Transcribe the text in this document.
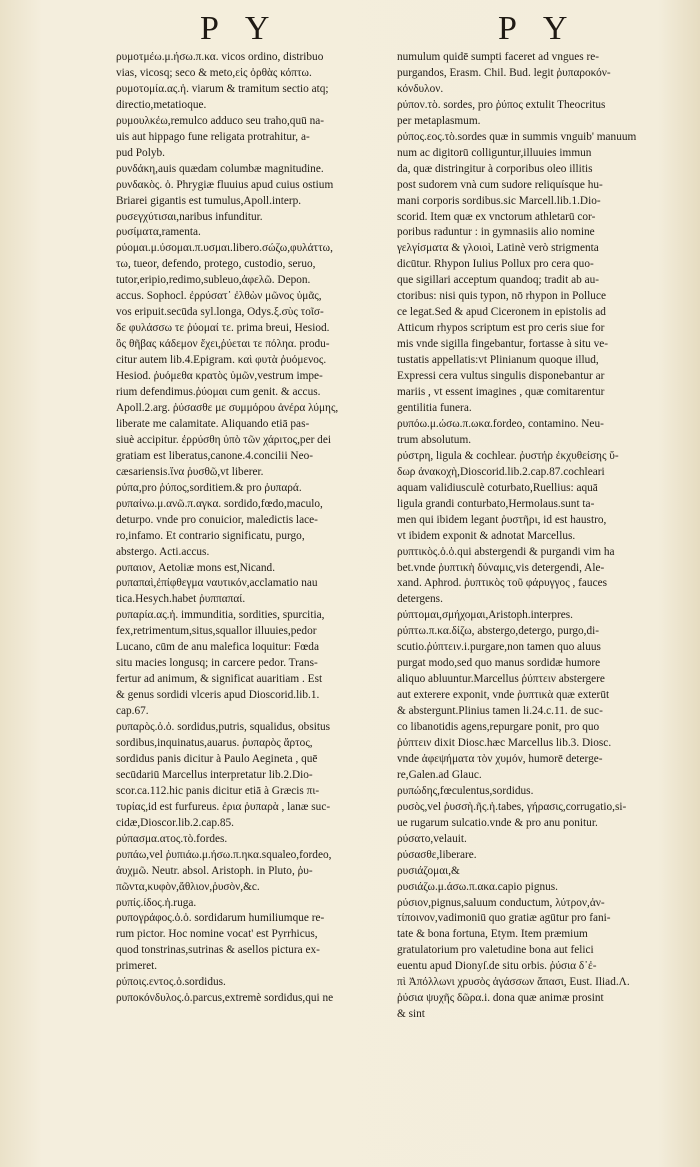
P Y	P Y
ρυμοτμέω.μ.ήσω.π.κα. vicos ordino, distribuo
vias, vicosq; seco & meto,εἰς ὀρθὰς κόπτω.
ρυμοτομία.ας.ἡ. viarum & tramitum sectio atq;
directio,metatioque.
ρυμουλκέω,remulco adduco seu traho,quū na-
uis aut hippago fune religata protrahitur, a-
pud Polyb.
ρυνδάκη,auis quædam columbæ magnitudine.
ρυνδακὸς. ὁ. Phrygiæ fluuius apud cuius ostium
Briarei gigantis est tumulus,Apoll.interp.
ρυσεγχύτισαι,naribus infunditur.
ρυσίματα,ramenta.
ρύομαι.μ.ύσομαι.π.υσμαι.libero.σώζω,φυλάττω,
τω, tueor, defendo, protego, custodio, seruo,
tutor,eripio,redimo,subleuo,ἀφελῶ. Depon.
accus. Sophocl. ἐρρύσατ᾽ ἐλθὼν μῶνος ὑμᾶς,
vos eripuit.secūda syl.longa, Odys.ξ.σὺς τοῖσ-
δε φυλάσσω τε ῥύομαί τε. prima breui, Hesiod.
ὃς θῆβας κάδεμον ἔχει,ῥύεται τε πόληα. produ-
citur autem lib.4.Epigram. καὶ φυτὰ ῥυόμενος.
Hesiod. ῥυόμεθα κρατὸς ὑμῶν,vestrum impe-
rium defendimus.ῥύομαι cum genit. & accus.
Apoll.2.arg. ῥύσασθε με συμμόρου ἀνέρα λύμης,
liberate me calamitate. Aliquando etiā pas-
siuè accipitur. ἐρρύσθη ὑπὸ τῶν χάριτος,per dei
gratiam est liberatus,canone.4.concilii Neo-
cæsariensis.ἵνα ῥυσθῶ,vt liberer.
ρύπα,pro ῥύπος,sorditiem.& pro ῥυπαρά.
ρυπαίνω.μ.ανῶ.π.αγκα. sordido,fœdo,maculo,
deturpo. vnde pro conuicior, maledictis lace-
ro,infamo. Et contrario significatu, purgo,
abstergo. Acti.accus.
ρυπαιον, Aetoliæ mons est,Nicand.
ρυπαπαὶ,ἐπίφθεγμα ναυτικόν,acclamatio nau
tica.Hesych.habet ῥυππαπαί.
ρυπαρία.ας.ἡ. immunditia, sordities, spurcitia,
fex,retrimentum,situs,squallor illuuies,pedor
Lucano, cūm de anu malefica loquitur: Fœda
situ macies longusq; in carcere pedor. Trans-
fertur ad animum, & significat auaritiam . Est
& genus sordidi vlceris apud Dioscorid.lib.1.
cap.67.
ρυπαρὸς.ὁ.ὁ. sordidus,putris, squalidus, obsitus
sordibus,inquinatus,auarus. ῥυπαρὸς ἄρτος,
sordidus panis dicitur à Paulo Aegineta , quē
secūdariū Marcellus interpretatur lib.2.Dio-
scor.ca.112.hic panis dicitur etiā à Græcis πι-
τυρίας,id est furfureus. ἐρια ῥυπαρὰ , lanæ suc-
cidæ,Dioscor.lib.2.cap.85.
ρύπασμα.ατος.τὸ.fordes.
ρυπάω,vel ῥυπιάω.μ.ήσω.π.ηκα.squaleo,fordeo,
ἀυχμῶ. Neutr. absol. Aristoph. in Pluto, ῥυ-
πῶντα,κυφὸν,ἄθλιον,ῥυσὸν,&c.
ρυπίς.ίδος.ἡ.ruga.
ρυπογράφος.ὁ.ὁ. sordidarum humiliumque re-
rum pictor. Hoc nomine vocat' est Pyrrhicus,
quod tonstrinas,sutrinas & asellos pictura ex-
primeret.
ρύποις.εντος.ὁ.sordidus.
ρυποκόνδυλος.ὁ.parcus,extremè sordidus,qui ne
numulum quidē sumpti faceret ad vngues re-
purgandos, Erasm. Chil. Bud. legit ῥυπαροκόν-
κόνδυλον.
ρύπον.τὸ. sordes, pro ῥύπος extulit Theocritus
per metaplasmum.
ρύπος.εος.τὸ.sordes quæ in summis vnguib' manuum
num ac digitorū colliguntur,illuuies immun
da, quæ distringitur à corporibus oleo illitis
post sudorem vnà cum sudore reliquísque hu-
mani corporis sordibus.sic Marcell.lib.1.Dio-
scorid. Item quæ ex vnctorum athletarū cor-
poribus raduntur : in gymnasiis alio nomine
γελγίσματα & γλοιοὶ, Latinè verò strigmenta
dicūtur. Rhypon Iulius Pollux pro cera quo-
que sigillari acceptum quandoq; tradit ab au-
ctoribus: nisi quis typon, nō rhypon in Polluce
ce legat.Sed & apud Ciceronem in epistolis ad
Atticum rhypos scriptum est pro ceris siue for
mis vnde sigilla fingebantur, fortasse à situ ve-
tustatis appellatis:vt Plinianum quoque illud,
Expressi cera vultus singulis disponebantur ar
mariis , vt essent imagines , quæ comitarentur
gentilitia funera.
ρυπόω.μ.ώσω.π.ωκα.fordeo, contamino. Neu-
trum absolutum.
ρύστρη, ligula & cochlear. ῥυστήρ ἐκχυθείσης ὕ-
δωρ ἀνακοχὴ,Dioscorid.lib.2.cap.87.cochleari
aquam validiusculè coturbato,Ruellius: aquā
ligula grandi conturbato,Hermolaus.sunt ta-
men qui ibidem legant ῥυστῆρι, id est haustro,
vt ibidem exponit & adnotat Marcellus.
ρυπτικὸς.ὁ.ὁ.qui abstergendi & purgandi vim ha
bet.vnde ῥυπτικὴ δύναμις,vis detergendi, Ale-
xand. Aphrod. ῥυπτικὸς τοῦ φάρυγγος , fauces
detergens.
ρύπτομαι,σμήχομαι,Aristoph.interpres.
ρύπτω.π.κα.δίζω, abstergo,detergo, purgo,di-
scutio.ῥύπτειν.i.purgare,non tamen quo aluus
purgat modo,sed quo manus sordidæ humore
aliquo abluuntur.Marcellus ῥύπτειν abstergere
aut exterere exponit, vnde ῥυπτικὰ quæ exterūt
& abstergunt.Plinius tamen li.24.c.11. de suc-
co libanotidis agens,repurgare ponit, pro quo
ῥύπτειν dixit Diosc.hæc Marcellus lib.3. Diosc.
vnde ἀφεψήματα τὸν χυμόν, humorē deterge-
re,Galen.ad Glauc.
ρυπώδης,fœculentus,sordidus.
ρυσὸς,vel ῥυσσὴ.ῆς.ἡ.tabes, γήρασις,corrugatio,si-
ue rugarum sulcatio.vnde & pro anu ponitur.
ρύσατο,velauit.
ρύσασθε,liberare.
ρυσιάζομαι,&
ρυσιάζω.μ.άσω.π.ακα.capio pignus.
ρύσιον,pignus,saluum conductum, λύτρον,ἀν-
τίποινον,vadimoniū quo gratiæ agūtur pro fani-
tate & bona fortuna, Etym. Item præmium
gratulatorium pro valetudine bona aut felici
euentu apud Dionyſ.de situ orbis. ῥύσια δ᾽ἐ-
πὶ Ἀπόλλωνι χρυσὸς ἀγάσσων ἅπασι, Eust. Iliad.Λ.
ῥύσια ψυχῆς δῶρα.i. dona quæ animæ prosint
& sint
